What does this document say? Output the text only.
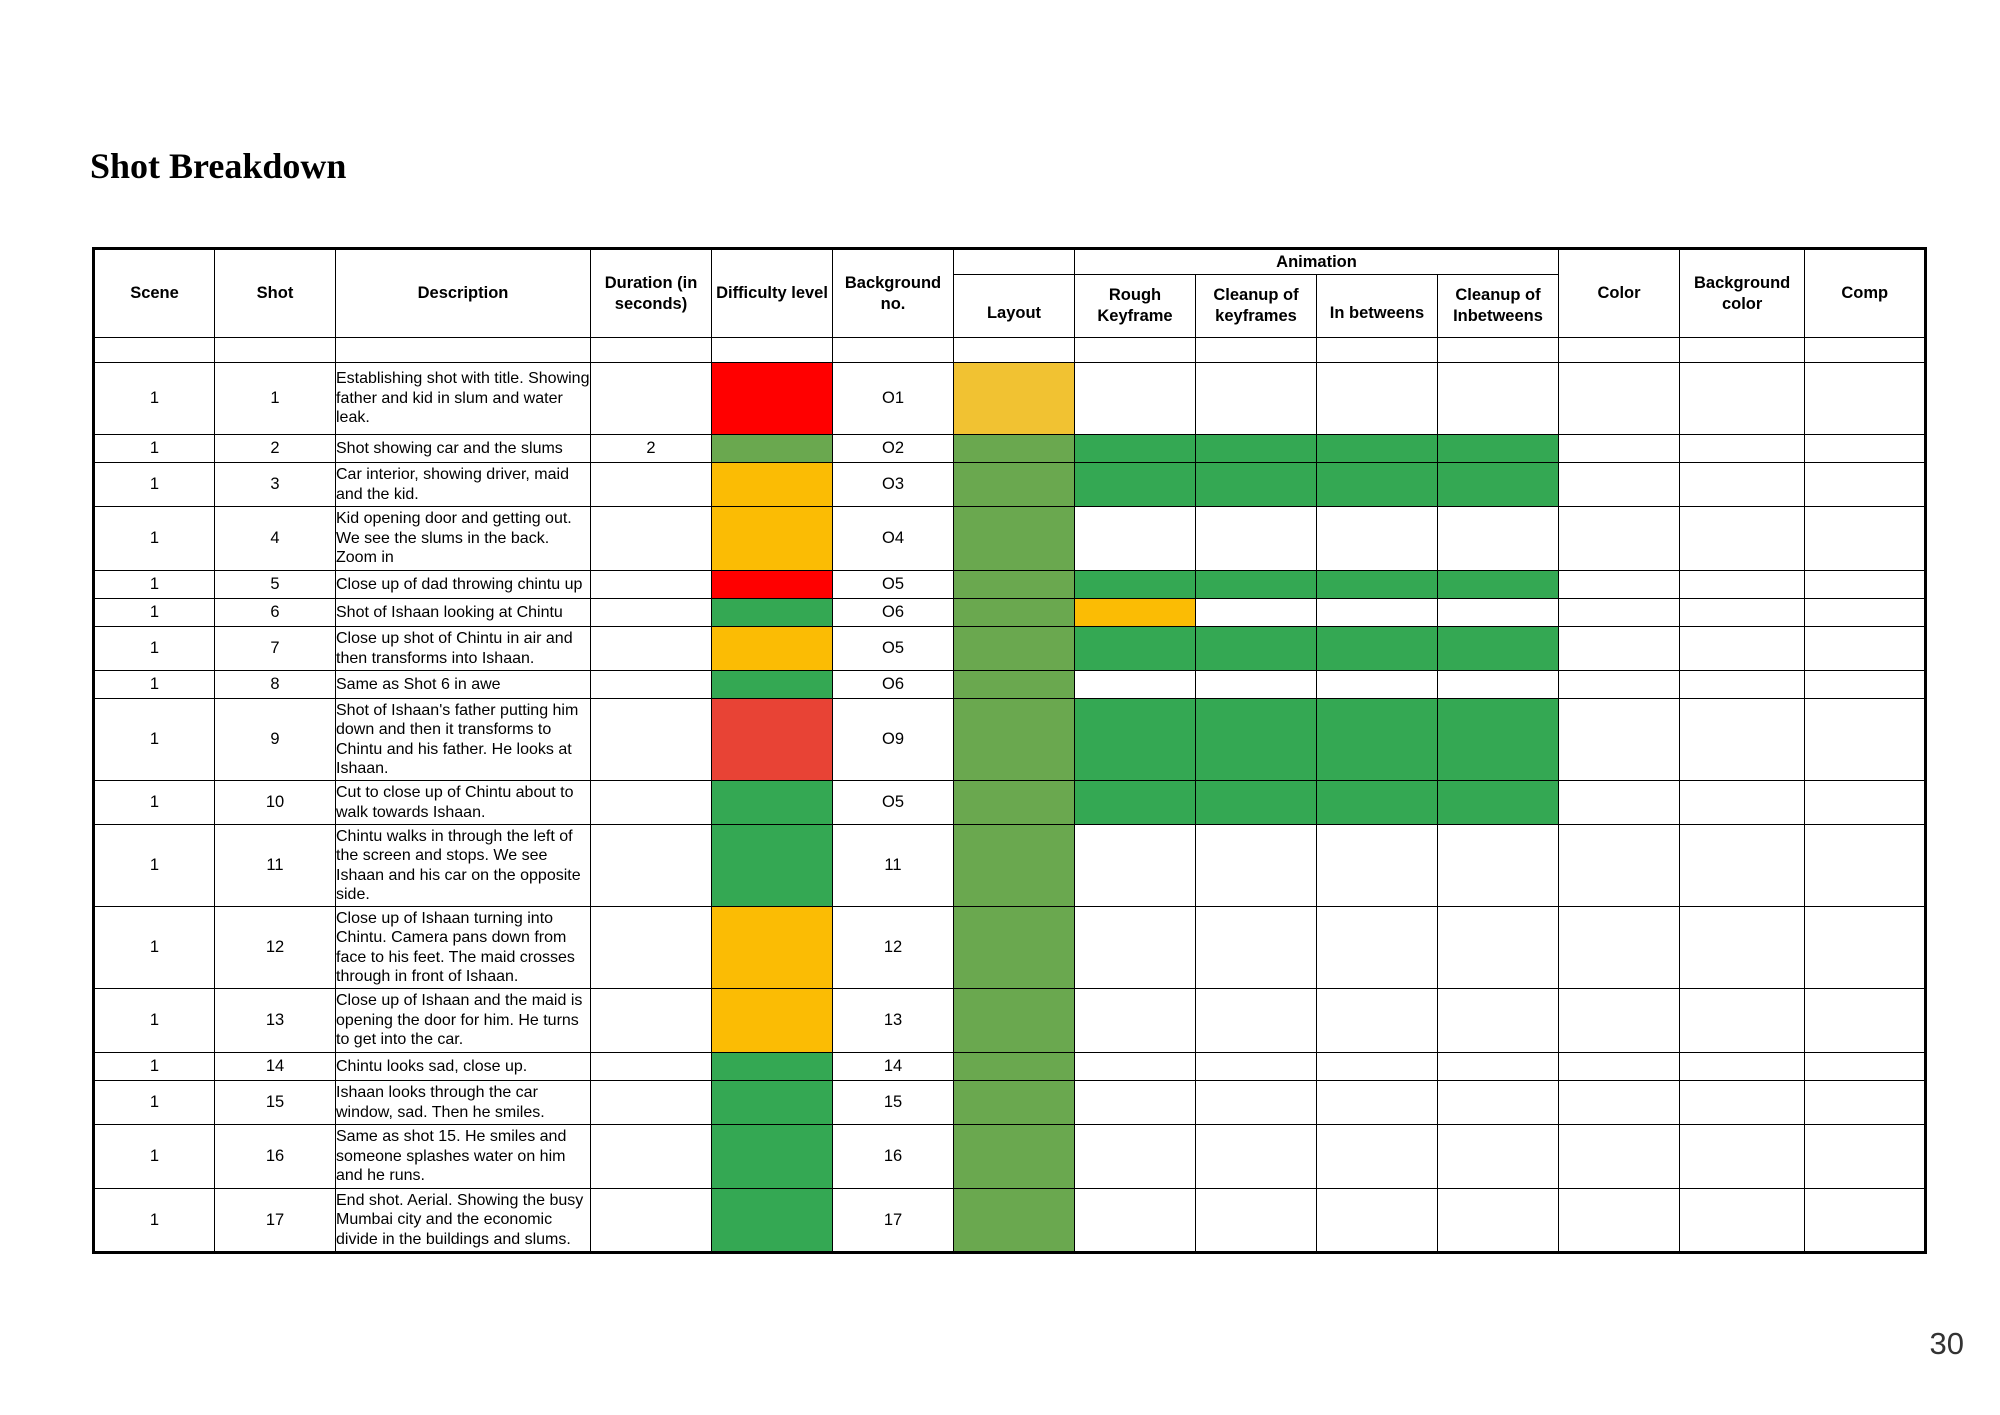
Shot Breakdown
Scene	Shot	Description	Duration (in seconds)	Difficulty level	Background no.		Animation				Color	Background color	Comp
						Layout	Rough Keyframe	Cleanup of keyframes	In betweens	Cleanup of Inbetweens			

1	1	Establishing shot with title. Showing father and kid in slum and water leak.			O1								
1	2	Shot showing car and the slums	2		O2								
1	3	Car interior, showing driver, maid and the kid.			O3								
1	4	Kid opening door and getting out. We see the slums in the back. Zoom in			O4								
1	5	Close up of dad throwing chintu up			O5								
1	6	Shot of Ishaan looking at Chintu			O6								
1	7	Close up shot of Chintu in air and then transforms into Ishaan.			O5								
1	8	Same as Shot 6 in awe			O6								
1	9	Shot of Ishaan's father putting him down and then it transforms to Chintu and his father. He looks at Ishaan.			O9								
1	10	Cut to close up of Chintu about to walk towards Ishaan.			O5								
1	11	Chintu walks in through the left of the screen and stops. We see Ishaan and his car on the opposite side.			11								
1	12	Close up of Ishaan turning into Chintu. Camera pans down from face to his feet. The maid crosses through in front of Ishaan.			12								
1	13	Close up of Ishaan and the maid is opening the door for him. He turns to get into the car.			13								
1	14	Chintu looks sad, close up.			14								
1	15	Ishaan looks through the car window, sad. Then he smiles.			15								
1	16	Same as shot 15. He smiles and someone splashes water on him and he runs.			16								
1	17	End shot. Aerial. Showing the busy Mumbai city and the economic divide in the buildings and slums.			17								
30
